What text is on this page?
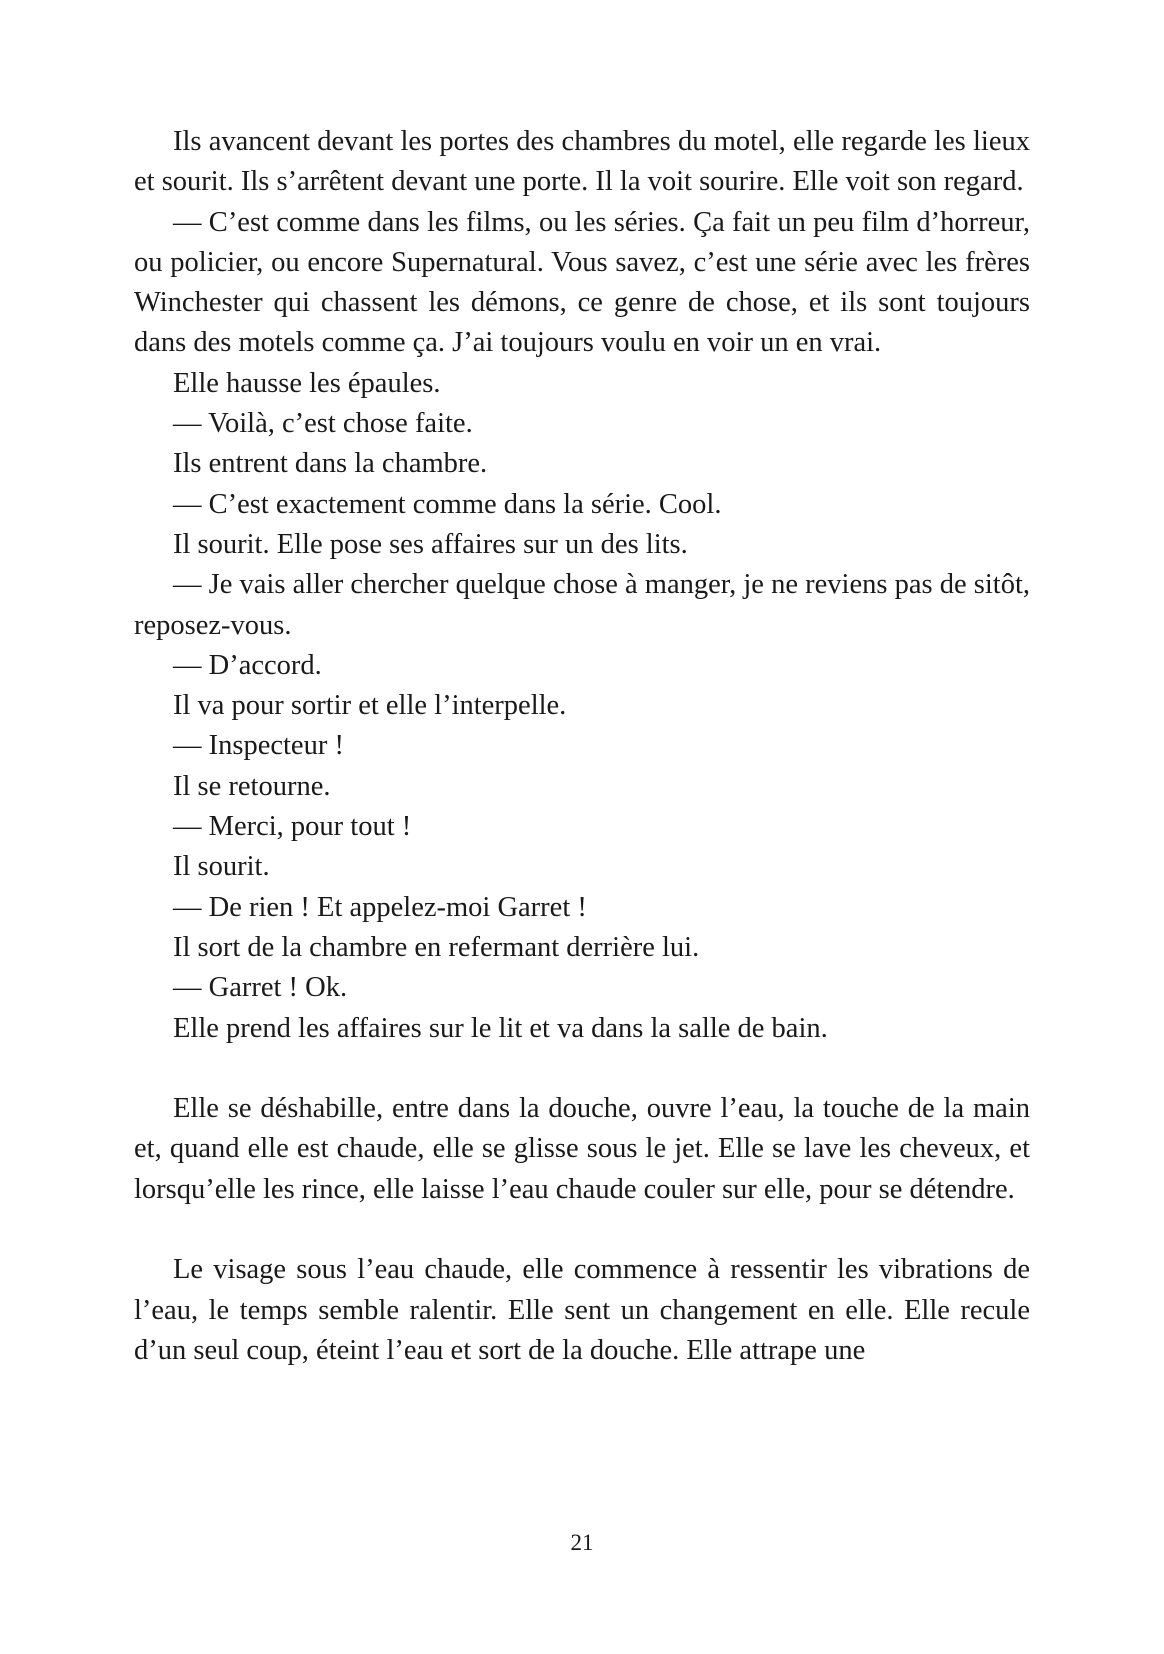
Ils avancent devant les portes des chambres du motel, elle regarde les lieux et sourit. Ils s’arrêtent devant une porte. Il la voit sourire. Elle voit son regard.

— C’est comme dans les films, ou les séries. Ça fait un peu film d’horreur, ou policier, ou encore Supernatural. Vous savez, c’est une série avec les frères Winchester qui chassent les démons, ce genre de chose, et ils sont toujours dans des motels comme ça. J’ai toujours voulu en voir un en vrai.

Elle hausse les épaules.

— Voilà, c’est chose faite.

Ils entrent dans la chambre.

— C’est exactement comme dans la série. Cool.

Il sourit. Elle pose ses affaires sur un des lits.

— Je vais aller chercher quelque chose à manger, je ne reviens pas de sitôt, reposez-vous.

— D’accord.

Il va pour sortir et elle l’interpelle.

— Inspecteur !

Il se retourne.

— Merci, pour tout !

Il sourit.

— De rien ! Et appelez-moi Garret !

Il sort de la chambre en refermant derrière lui.

— Garret ! Ok.

Elle prend les affaires sur le lit et va dans la salle de bain.

Elle se déshabille, entre dans la douche, ouvre l’eau, la touche de la main et, quand elle est chaude, elle se glisse sous le jet. Elle se lave les cheveux, et lorsqu’elle les rince, elle laisse l’eau chaude couler sur elle, pour se détendre.

Le visage sous l’eau chaude, elle commence à ressentir les vibrations de l’eau, le temps semble ralentir. Elle sent un changement en elle. Elle recule d’un seul coup, éteint l’eau et sort de la douche. Elle attrape une

21
